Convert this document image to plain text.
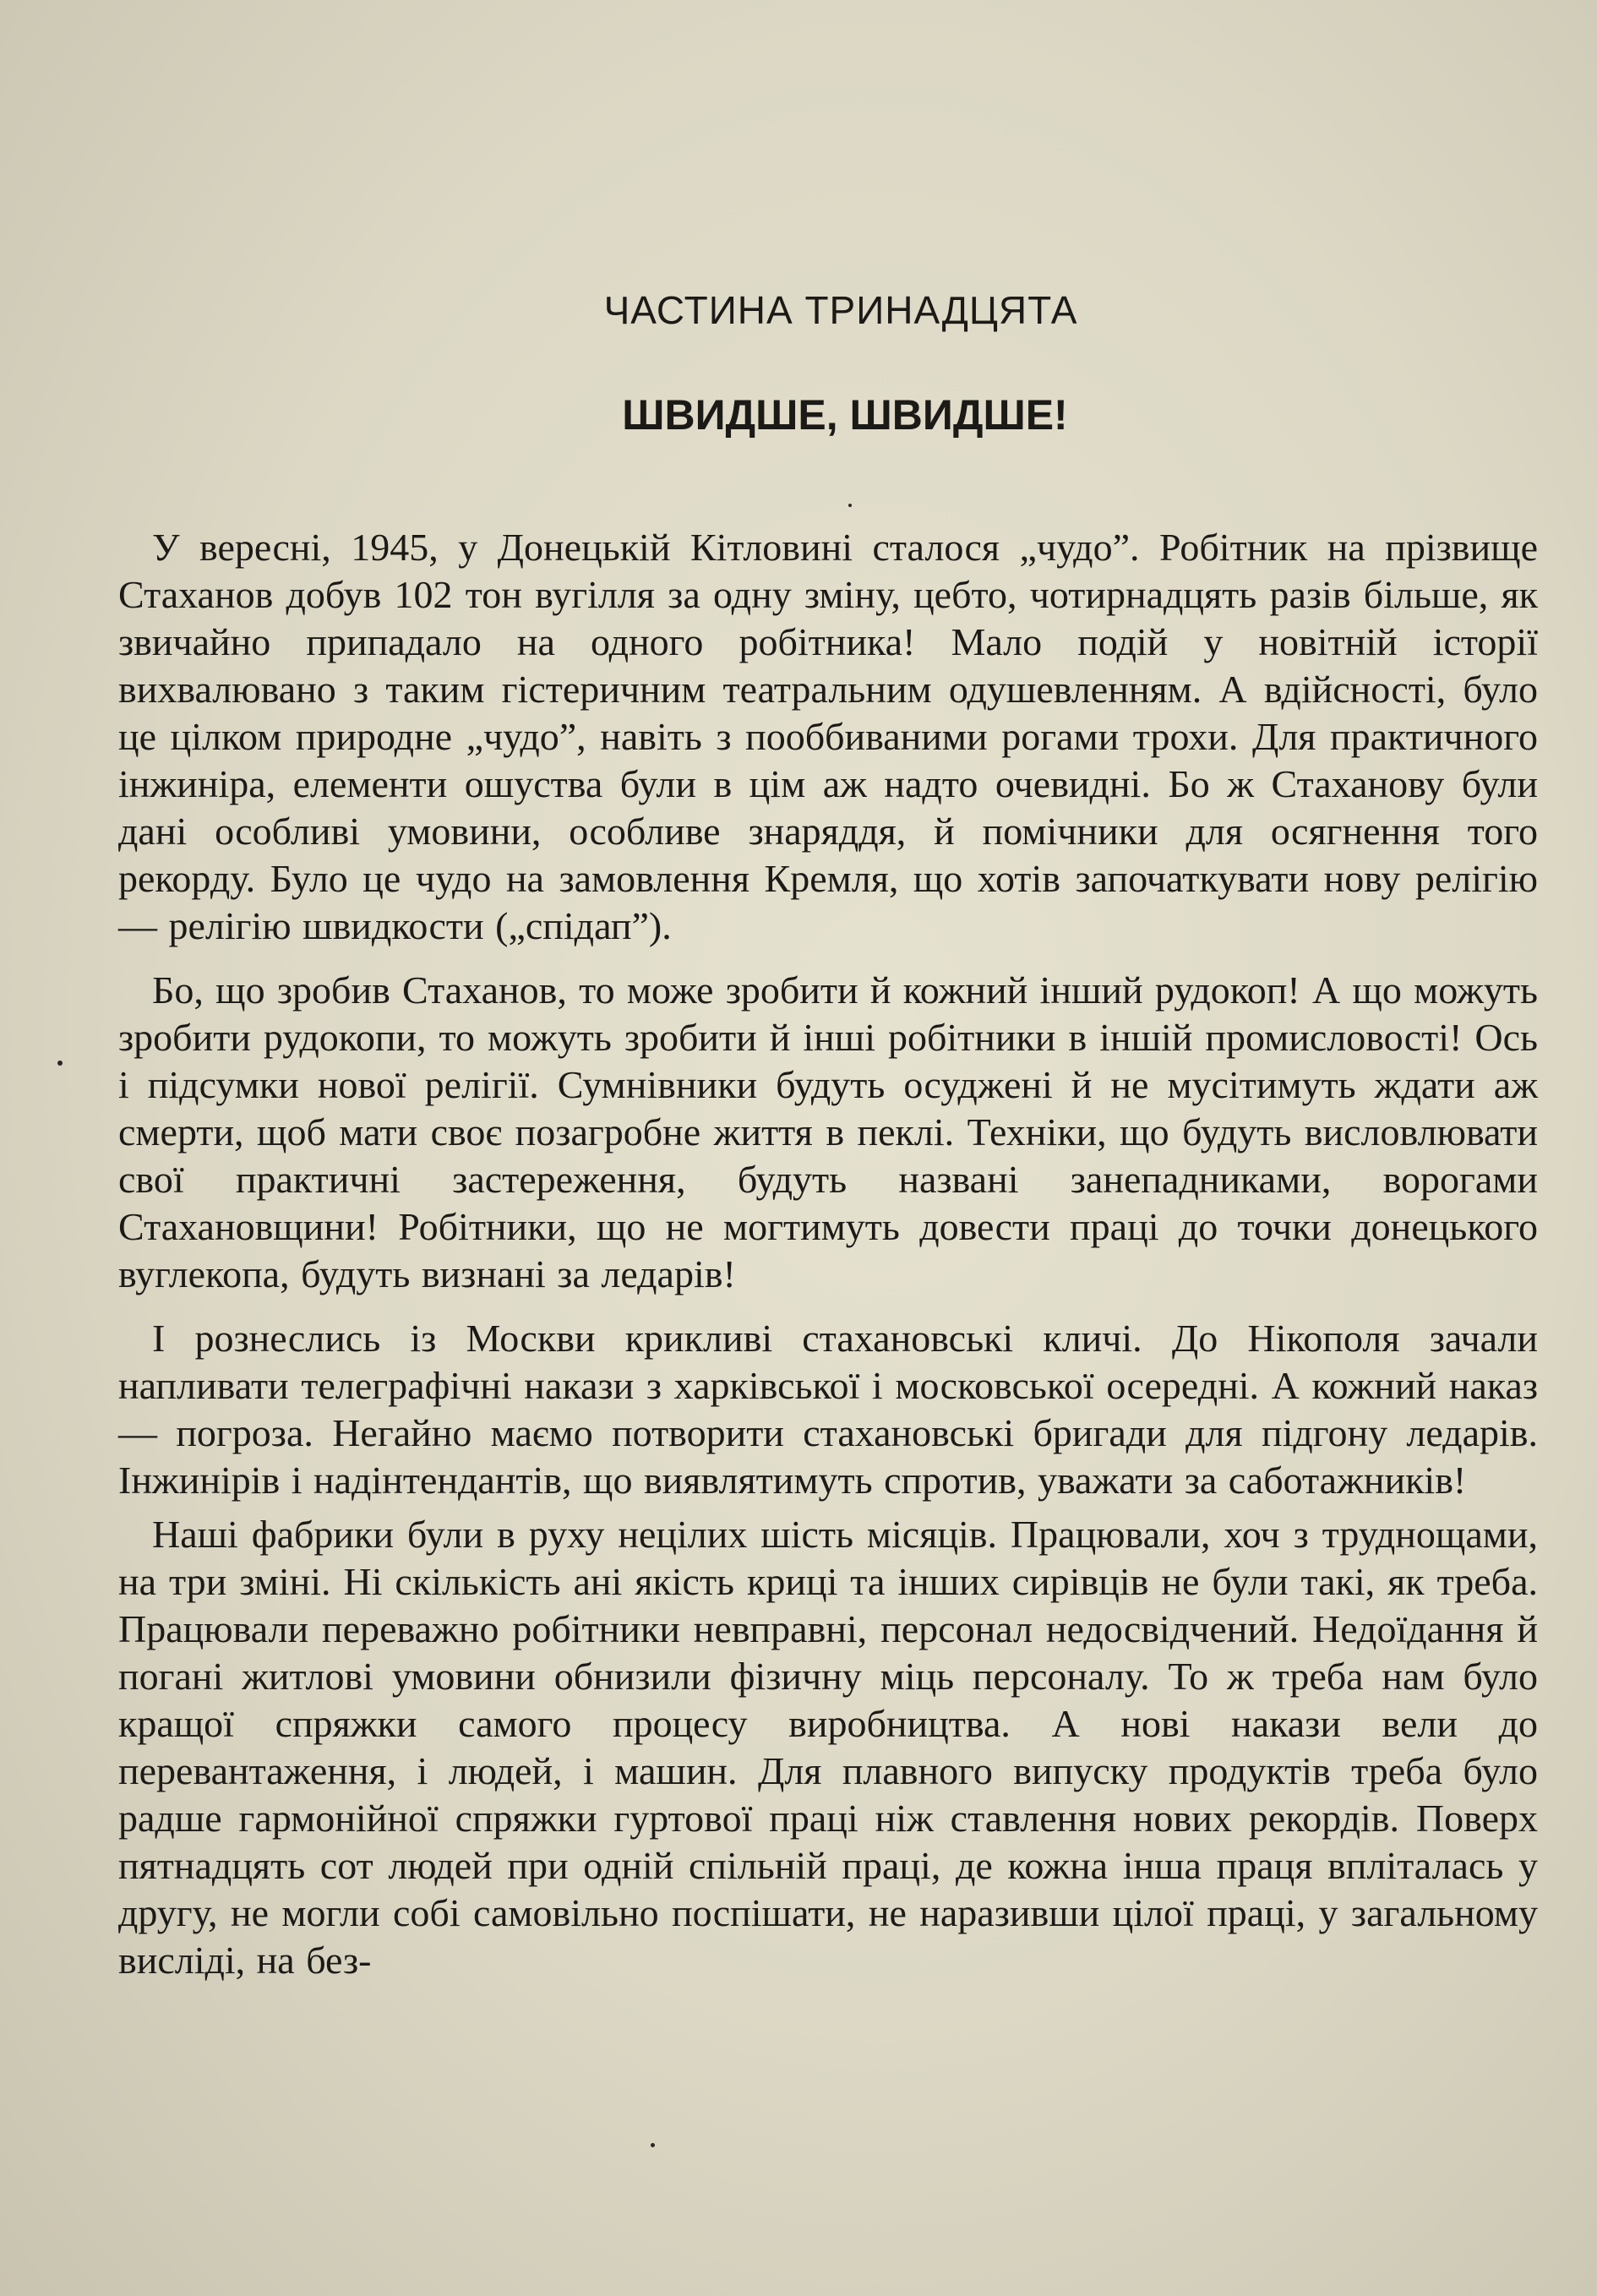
ЧАСТИНА ТРИНАДЦЯТА
ШВИДШЕ, ШВИДШЕ!

У вересні, 1945, у Донецькій Кітловині сталося „чудо”. Робітник на прізвище Стаханов добув 102 тон вугілля за одну зміну, цебто, чотирнадцять разів більше, як звичайно припадало на одного робітника! Мало подій у новітній історії вихвалювано з таким гістеричним театральним одушевленням. А вдійсності, було це цілком природне „чудо”, навіть з пооббиваними рогами трохи. Для практичного інжиніра, елементи ошуства були в цім аж надто очевидні. Бо ж Стаханову були дані особливі умовини, особливе знаряддя, й помічники для осягнення того рекорду. Було це чудо на замовлення Кремля, що хотів започаткувати нову релігію — релігію швидкости („спідап”).

Бо, що зробив Стаханов, то може зробити й кожний інший рудокоп! А що можуть зробити рудокопи, то можуть зробити й інші робітники в іншій промисловості! Ось і підсумки нової релігії. Сумнівники будуть осуджені й не мусітимуть ждати аж смерти, щоб мати своє позагробне життя в пеклі. Техніки, що будуть висловлювати свої практичні застереження, будуть названі занепадниками, ворогами Стахановщини! Робітники, що не могтимуть довести праці до точки донецького вуглекопа, будуть визнані за ледарів!

І рознеслись із Москви крикливі стахановські кличі. До Нікополя зачали напливати телеграфічні накази з харківської і московської осередні. А кожний наказ — погроза. Негайно маємо потворити стахановські бригади для підгону ледарів. Інжинірів і надінтендантів, що виявлятимуть спротив, уважати за саботажників!

Наші фабрики були в руху нецілих шість місяців. Працювали, хоч з труднощами, на три зміні. Ні скількість ані якість криці та інших сирівців не були такі, як треба. Працювали переважно робітники невправні, персонал недосвідчений. Недоїдання й погані житлові умовини обнизили фізичну міць персоналу. То ж треба нам було кращої спряжки самого процесу виробництва. А нові накази вели до перевантаження, і людей, і машин. Для плавного випуску продуктів треба було радше гармонійної спряжки гуртової праці ніж ставлення нових рекордів. Поверх пятнадцять сот людей при одній спільній праці, де кожна інша праця впліталась у другу, не могли собі самовільно поспішати, не наразивши цілої праці, у загальному висліді, на без-
